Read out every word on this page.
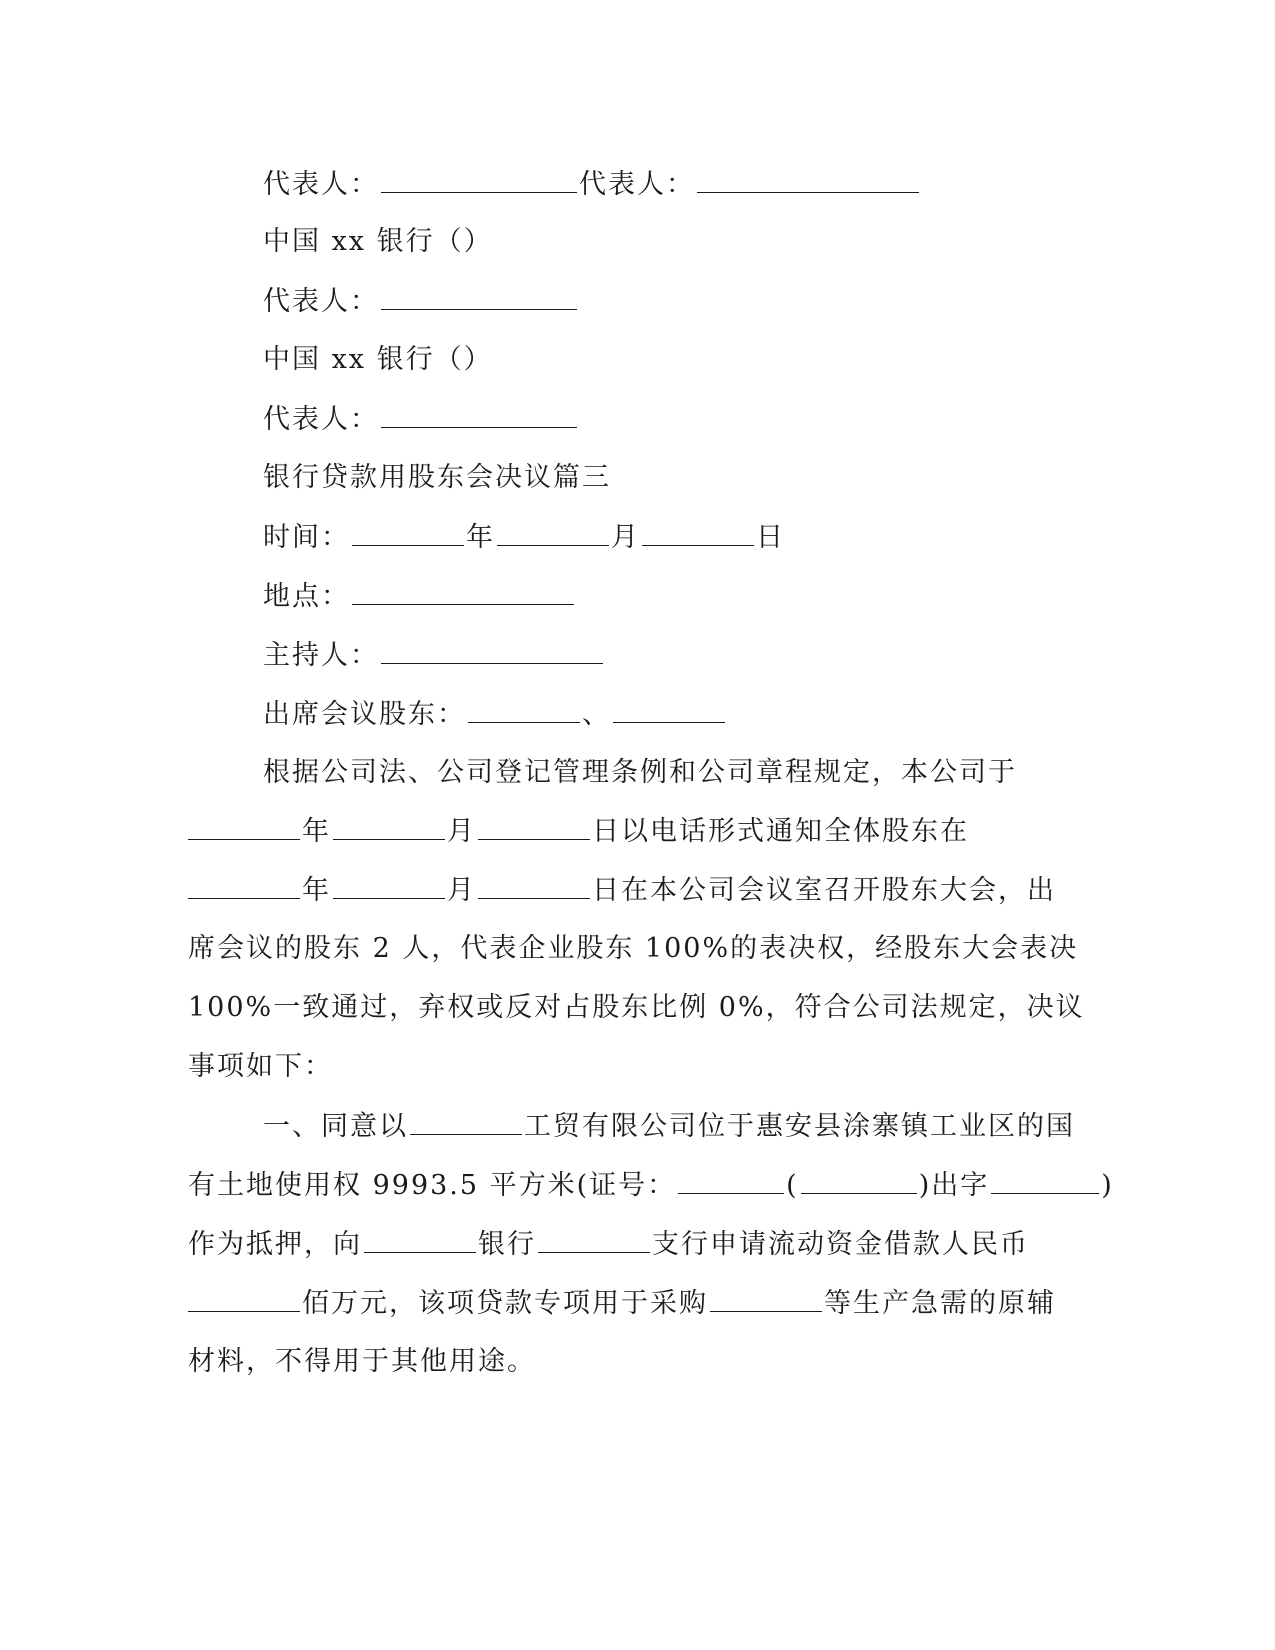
代表人：	代表人：
中国 xx 银行（）
代表人：
中国 xx 银行（）
代表人：
银行贷款用股东会决议篇三
时间：	年	月	日
地点：
主持人：
出席会议股东：	、
根据公司法、公司登记管理条例和公司章程规定，本公司于
年	月	日以电话形式通知全体股东在
年	月	日在本公司会议室召开股东大会，出
席会议的股东 2 人，代表企业股东 100%的表决权，经股东大会表决
100%一致通过，弃权或反对占股东比例 0%，符合公司法规定，决议
事项如下：
一、同意以	工贸有限公司位于惠安县涂寨镇工业区的国
有土地使用权 9993.5 平方米(证号：	(	)出字	)
作为抵押，向	银行	支行申请流动资金借款人民币
佰万元，该项贷款专项用于采购	等生产急需的原辅
材料，不得用于其他用途。
